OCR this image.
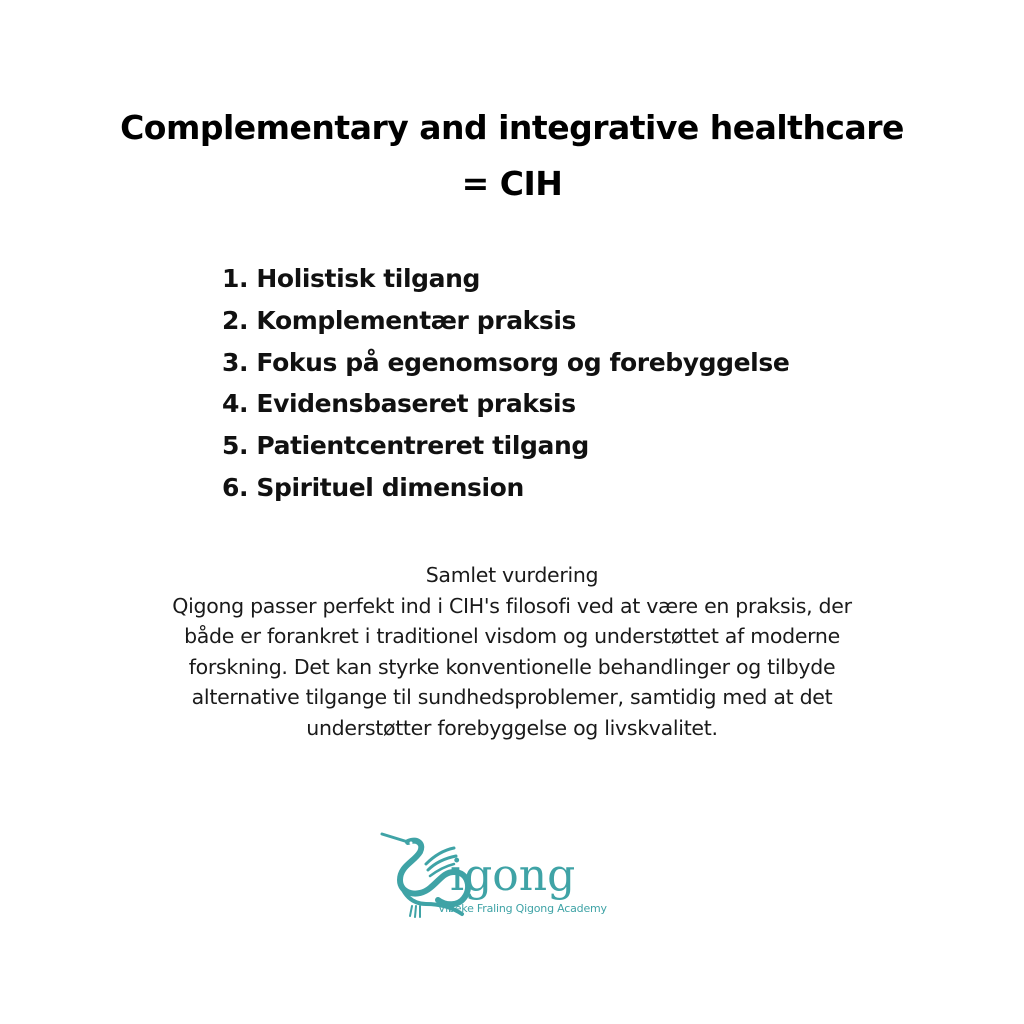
Complementary and integrative healthcare
= CIH
1. Holistisk tilgang
2. Komplementær praksis
3. Fokus på egenomsorg og forebyggelse
4. Evidensbaseret praksis
5. Patientcentreret tilgang
6. Spirituel dimension

Samlet vurdering

Qigong passer perfekt ind i CIH's filosofi ved at være en praksis, der

både er forankret i traditionel visdom og understøttet af moderne

forskning. Det kan styrke konventionelle behandlinger og tilbyde

alternative tilgange til sundhedsproblemer, samtidig med at det

understøtter forebyggelse og livskvalitet.

igong
Vibeke Fraling Qigong Academy
